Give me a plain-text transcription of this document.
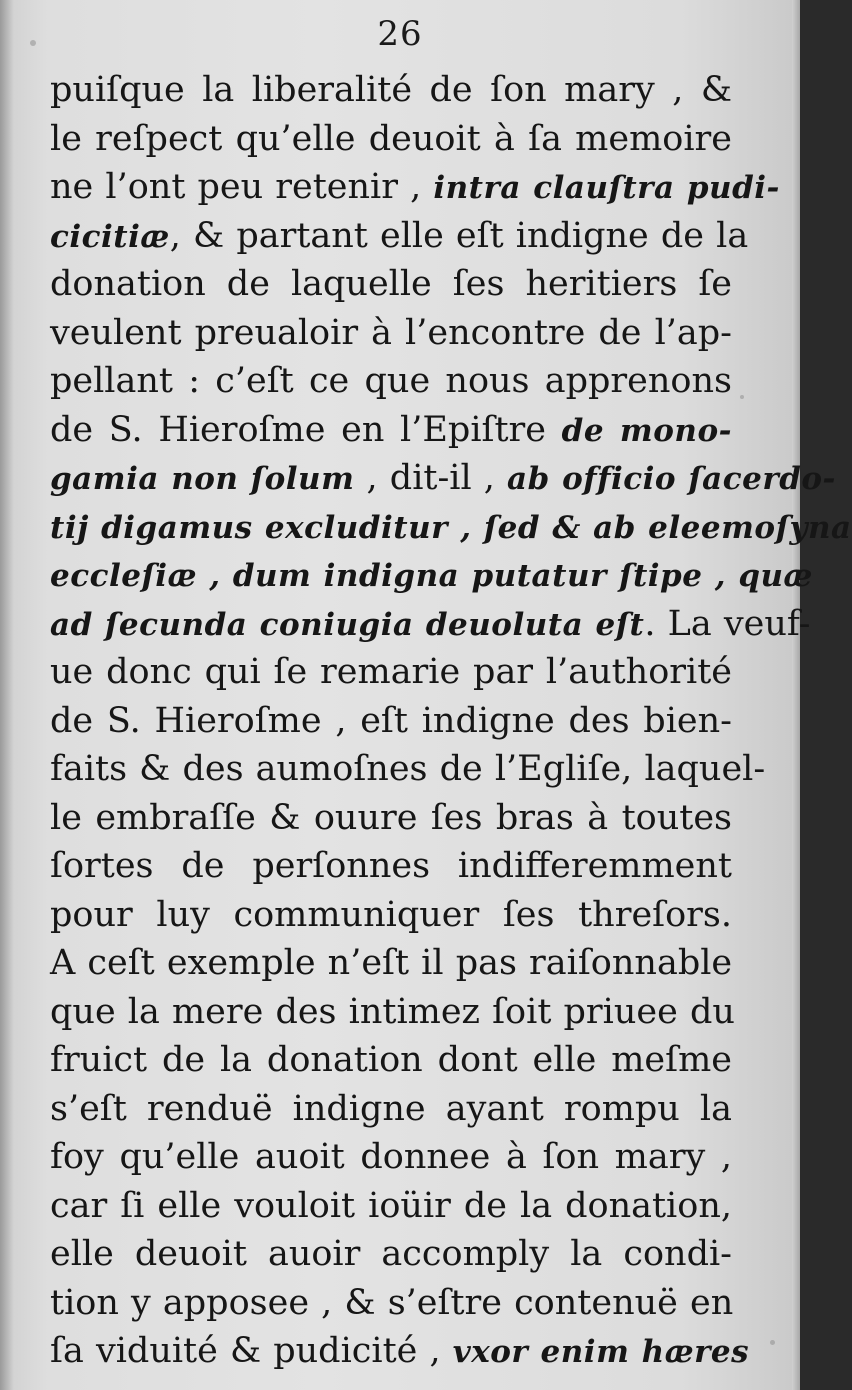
26
puiſque la liberalité de ſon mary , &
le reſpect qu’elle deuoit à ſa memoire
ne l’ont peu retenir , intra clauſtra pudi-
cicitiæ, & partant elle eſt indigne de la
donation de laquelle ſes heritiers ſe
veulent preualoir à l’encontre de l’ap-
pellant : c’eſt ce que nous apprenons
de S. Hieroſme en l’Epiſtre de mono-
gamia non ſolum , dit-il , ab officio ſacerdo-
tij digamus excluditur , ſed & ab eleemoſyna
eccleſiæ , dum indigna putatur ſtipe , quæ
ad ſecunda coniugia deuoluta eſt. La veuf-
ue donc qui ſe remarie par l’authorité
de S. Hieroſme , eſt indigne des bien-
faits & des aumoſnes de l’Egliſe, laquel-
le embraſſe & ouure ſes bras à toutes
ſortes de perſonnes indifferemment
pour luy communiquer ſes threſors.
A ceſt exemple n’eſt il pas raiſonnable
que la mere des intimez ſoit priuee du
fruict de la donation dont elle meſme
s’eſt renduë indigne ayant rompu la
foy qu’elle auoit donnee à ſon mary ,
car ſi elle vouloit ioüir de la donation,
elle deuoit auoir accomply la condi-
tion y apposee , & s’eſtre contenuë en
ſa viduité & pudicité , vxor enim hæres
